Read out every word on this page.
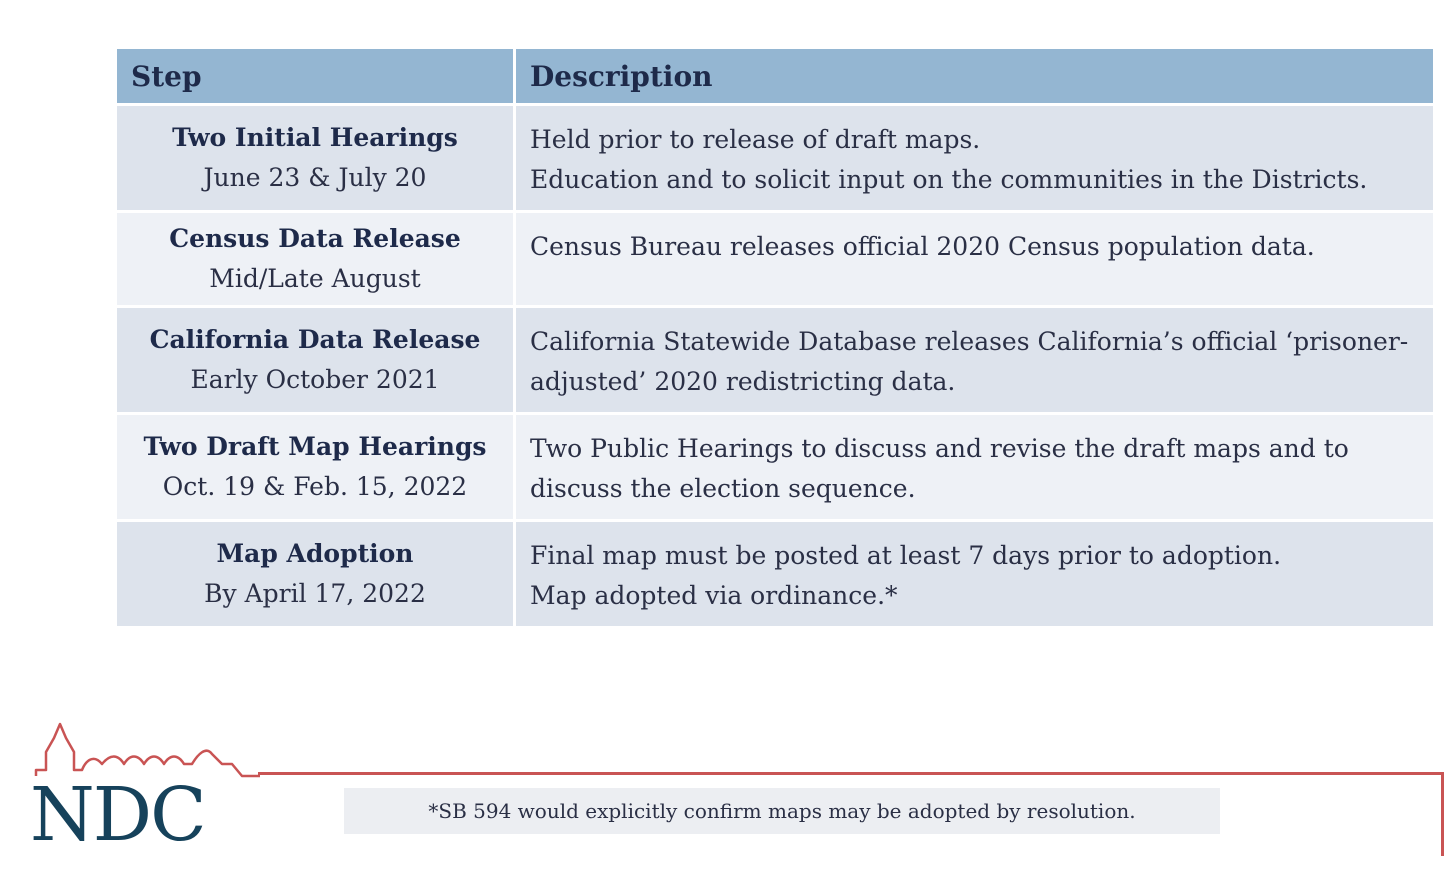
Step	Description

Two Initial Hearings
June 23 & July 20	Held prior to release of draft maps.
Education and to solicit input on the communities in the Districts.

Census Data Release
Mid/Late August	Census Bureau releases official 2020 Census population data.

California Data Release
Early October 2021	California Statewide Database releases California’s official ‘prisoner-
adjusted’ 2020 redistricting data.

Two Draft Map Hearings
Oct. 19 & Feb. 15, 2022	Two Public Hearings to discuss and revise the draft maps and to
discuss the election sequence.

Map Adoption
By April 17, 2022	Final map must be posted at least 7 days prior to adoption.
Map adopted via ordinance.*
NDC	*SB 594 would explicitly confirm maps may be adopted by resolution.
